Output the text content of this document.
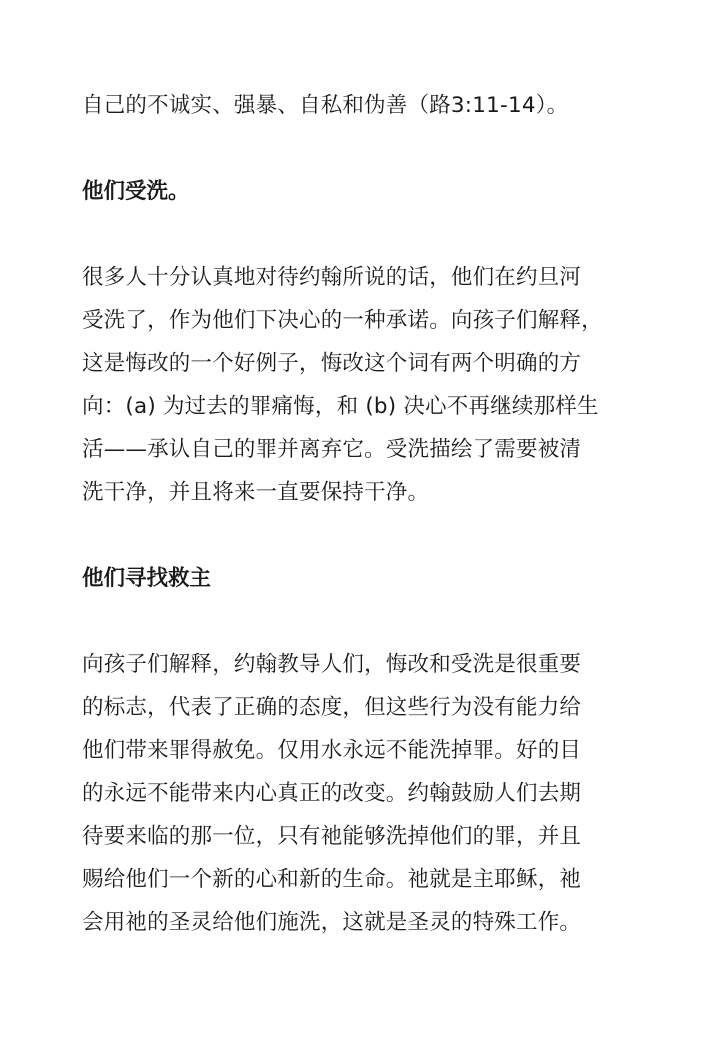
自己的不诚实、强暴、自私和伪善（路3:11-14）。

他们受洗。

很多人十分认真地对待约翰所说的话，他们在约旦河
受洗了，作为他们下决心的一种承诺。向孩子们解释，
这是悔改的一个好例子，悔改这个词有两个明确的方
向：(a) 为过去的罪痛悔，和 (b) 决心不再继续那样生
活——承认自己的罪并离弃它。受洗描绘了需要被清
洗干净，并且将来一直要保持干净。

他们寻找救主

向孩子们解释，约翰教导人们，悔改和受洗是很重要
的标志，代表了正确的态度，但这些行为没有能力给
他们带来罪得赦免。仅用水永远不能洗掉罪。好的目
的永远不能带来内心真正的改变。约翰鼓励人们去期
待要来临的那一位，只有祂能够洗掉他们的罪，并且
赐给他们一个新的心和新的生命。祂就是主耶稣，祂
会用祂的圣灵给他们施洗，这就是圣灵的特殊工作。
